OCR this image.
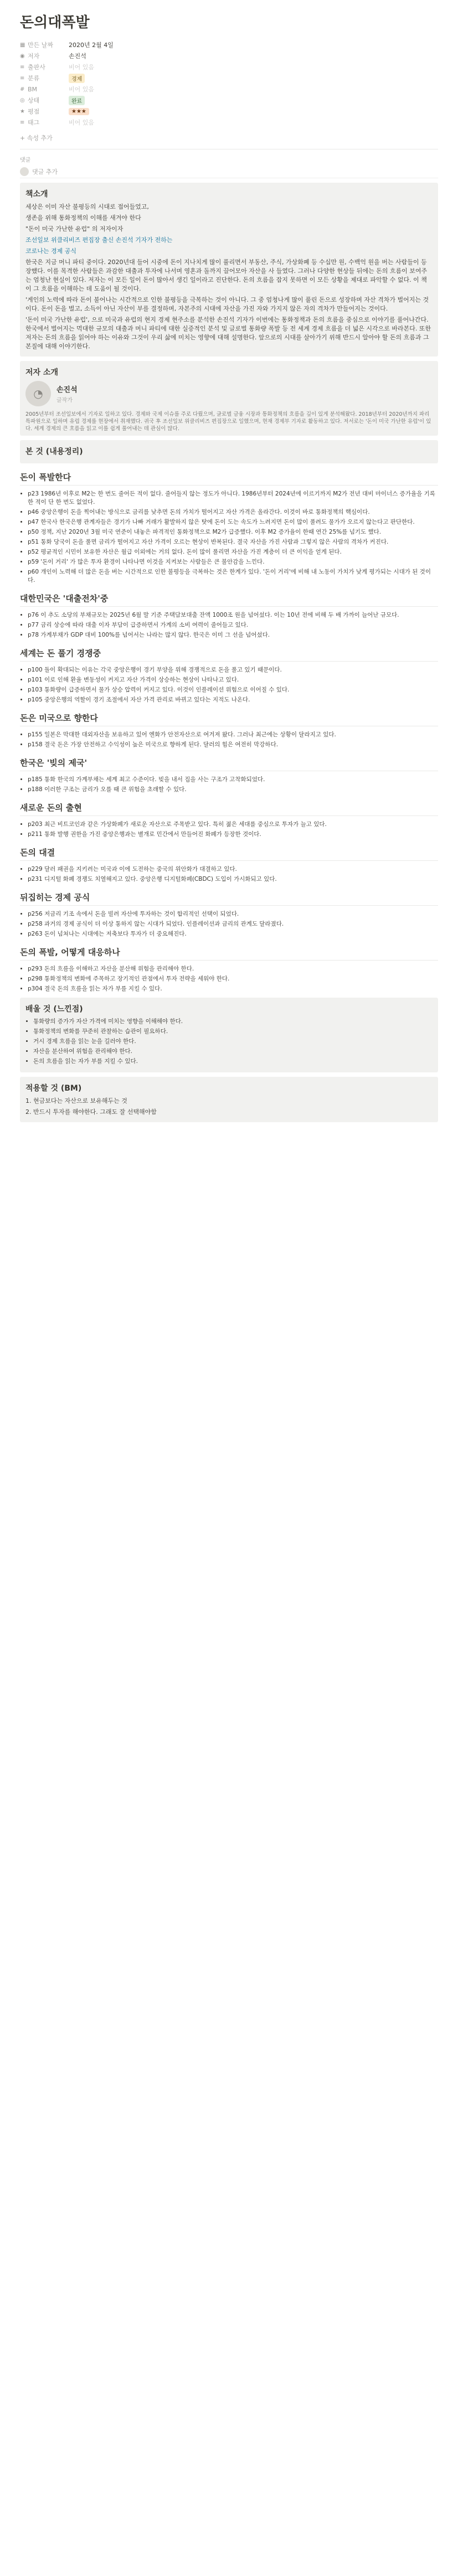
돈의대폭발
▦ 만든 날짜	2020년 2월 4일
◉ 저자	손진석
≡ 출판사	비어 있음
≡ 분류	경제
# BM	비어 있음
◎ 상태	완료
★ 평점	★★★
≡ 태그	비어 있음
+ 속성 추가
댓글
댓글 추가
책소개
세상은 이미 자산 불평등의 시대로 접어들었고,
생존을 위해 통화정책의 이해를 새겨야 한다
"돈이 미국 가난한 유럽" 의 저자이자
조선일보 위클리비즈 편집장 출신 손진석 기자가 전하는
코로나는 경제 공식
한국은 지금 머니 파티 중이다. 2020년대 들어 시중에 돈이 지나치게 많이 풀리면서 부동산, 주식, 가상화폐 등 수십만 원, 수백억 원을 버는 사람들이 등장했다. 이를 목격한 사람들은 과감한 대출과 투자에 나서며 영혼과 돌까지 끌어모아 자산을 사 들였다. 그러나 다양한 현상들 뒤에는 돈의 흐름이 보여주는 엄청난 현실이 있다. 저자는 이 모든 일이 돈이 많아서 생긴 일이라고 진단한다. 돈의 흐름을 잡지 못하면 이 모든 상황을 제대로 파악할 수 없다. 이 책이 그 흐름을 이해하는 데 도움이 될 것이다.
'게인의 노력에 따라 돈이 불어나는 시간적으로 인한 불평등을 극복하는 것이 아니다. 그 중 엄청나게 많이 풀린 돈으로 성장하며 자산 격차가 벌어지는 것이다. 돈이 돈을 벌고, 소득이 아닌 자산이 부를 결정하며, 자본주의 시대에 자산을 가진 자와 가지지 않은 자의 격차가 만들어지는 것이다.
'돈이 미국 가난한 유럽', 으로 미국과 유럽의 현지 경제 현주소를 분석한 손진석 기자가 이번에는 통화정책과 돈의 흐름을 중심으로 이야기를 풀어나간다. 한국에서 벌어지는 먹대한 규모의 대출과 머니 파티에 대한 실증적인 분석 및 글로벌 통화량 폭발 등 전 세계 경제 흐름을 더 넓은 시각으로 바라본다. 또한 저자는 돈의 흐름을 읽어야 하는 이유와 그것이 우리 삶에 미치는 영향에 대해 설명한다. 앞으로의 시대를 살아가기 위해 반드시 알아야 할 돈의 흐름과 그 본질에 대해 이야기한다.
저자 소개
◔	손진석
글작가
2005년부터 조선일보에서 기자로 일하고 있다. 경제와 국제 이슈를 주로 다뤘으며, 글로벌 금융 시장과 통화정책의 흐름을 깊이 있게 분석해왔다. 2018년부터 2020년까지 파리 특파원으로 일하며 유럽 경제를 현장에서 취재했다. 귀국 후 조선일보 위클리비즈 편집장으로 일했으며, 현재 경제부 기자로 활동하고 있다. 저서로는 '돈이 미국 가난한 유럽'이 있다. 세계 경제의 큰 흐름을 읽고 이를 쉽게 풀어내는 데 관심이 많다.
본 것 (내용정리)
돈이 폭발한다
• p23 1986년 이후로 M2는 한 번도 줄어든 적이 없다. 줄어들지 않는 정도가 아니다. 1986년부터 2024년에 이르기까지 M2가 전년 대비 마이너스 증가율을 기록한 적이 단 한 번도 없었다.
• p46 중앙은행이 돈을 찍어내는 방식으로 금리를 낮추면 돈의 가치가 떨어지고 자산 가격은 올라간다. 이것이 바로 통화정책의 핵심이다.
• p47 한국사 한국은행 관계자들은 경기가 나빠 거래가 활발하지 않은 탓에 돈이 도는 속도가 느려지면 돈이 많이 풀려도 물가가 오르지 않는다고 판단한다.
• p50 정책, 지난 2020년 3월 미국 연준이 내놓은 파격적인 통화정책으로 M2가 급증했다. 이후 M2 증가율이 한때 연간 25%를 넘기도 했다.
• p51 통화 당국이 돈을 풀면 금리가 떨어지고 자산 가격이 오르는 현상이 반복된다. 결국 자산을 가진 사람과 그렇지 않은 사람의 격차가 커진다.
• p52 평균적인 시민이 보유한 자산은 월급 이외에는 거의 없다. 돈이 많이 풀리면 자산을 가진 계층이 더 큰 이익을 얻게 된다.
• p59 '돈이 거리' 가 많은 투자 환경이 나타나면 이것을 지켜보는 사람들은 큰 불안감을 느낀다.
• p60 개인이 노력해 더 많은 돈을 버는 시간적으로 인한 불평등을 극복하는 것은 한계가 있다. '돈이 거리'에 비해 내 노동이 가치가 낮게 평가되는 시대가 된 것이다.
대한민국은 '대출전차'중
• p76 이 추도 소당의 부채규모는 2025년 6월 말 기준 주택담보대출 잔액 1000조 원을 넘어섰다. 이는 10년 전에 비해 두 배 가까이 늘어난 규모다.
• p77 금리 상승에 따라 대출 이자 부담이 급증하면서 가계의 소비 여력이 줄어들고 있다.
• p78 가계부채가 GDP 대비 100%를 넘어서는 나라는 많지 않다. 한국은 이미 그 선을 넘어섰다.
세계는 돈 풀기 경쟁중
• p100 돌이 확대되는 이유는 각국 중앙은행이 경기 부양을 위해 경쟁적으로 돈을 풀고 있기 때문이다.
• p101 이로 인해 환율 변동성이 커지고 자산 가격이 상승하는 현상이 나타나고 있다.
• p103 통화량이 급증하면서 물가 상승 압력이 커지고 있다. 이것이 인플레이션 위험으로 이어질 수 있다.
• p105 중앙은행의 역할이 경기 조절에서 자산 가격 관리로 바뀌고 있다는 지적도 나온다.
돈은 미국으로 향한다
• p155 일본은 막대한 대외자산을 보유하고 있어 엔화가 안전자산으로 여겨져 왔다. 그러나 최근에는 상황이 달라지고 있다.
• p158 결국 돈은 가장 안전하고 수익성이 높은 미국으로 향하게 된다. 달러의 힘은 여전히 막강하다.
한국은 '빚의 제국'
• p185 통화 한국의 가계부채는 세계 최고 수준이다. 빚을 내서 집을 사는 구조가 고착화되었다.
• p188 이러한 구조는 금리가 오를 때 큰 위험을 초래할 수 있다.
새로운 돈의 출현
• p203 최근 비트코인과 같은 가상화폐가 새로운 자산으로 주목받고 있다. 특히 젊은 세대를 중심으로 투자가 늘고 있다.
• p211 통화 발행 권한을 가진 중앙은행과는 별개로 민간에서 만들어진 화폐가 등장한 것이다.
돈의 대결
• p229 달러 패권을 지키려는 미국과 이에 도전하는 중국의 위안화가 대결하고 있다.
• p231 디지털 화폐 경쟁도 치열해지고 있다. 중앙은행 디지털화폐(CBDC) 도입이 가시화되고 있다.
뒤집히는 경제 공식
• p256 저금리 기조 속에서 돈을 빌려 자산에 투자하는 것이 합리적인 선택이 되었다.
• p258 과거의 경제 공식이 더 이상 통하지 않는 시대가 되었다. 인플레이션과 금리의 관계도 달라졌다.
• p263 돈이 넘쳐나는 시대에는 저축보다 투자가 더 중요해진다.
돈의 폭발, 어떻게 대응하나
• p293 돈의 흐름을 이해하고 자산을 분산해 위험을 관리해야 한다.
• p298 통화정책의 변화에 주목하고 장기적인 관점에서 투자 전략을 세워야 한다.
• p304 결국 돈의 흐름을 읽는 자가 부를 지킬 수 있다.
배울 것 (느낀점)
• 통화량의 증가가 자산 가격에 미치는 영향을 이해해야 한다.
• 통화정책의 변화를 꾸준히 관찰하는 습관이 필요하다.
• 거시 경제 흐름을 읽는 눈을 길러야 한다.
• 자산을 분산하여 위험을 관리해야 한다.
• 돈의 흐름을 읽는 자가 부를 지킬 수 있다.
적용할 것 (BM)
1. 현금보다는 자산으로 보유해두는 것
2. 반드시 투자를 해야한다. 그래도 잘 선택해야함
